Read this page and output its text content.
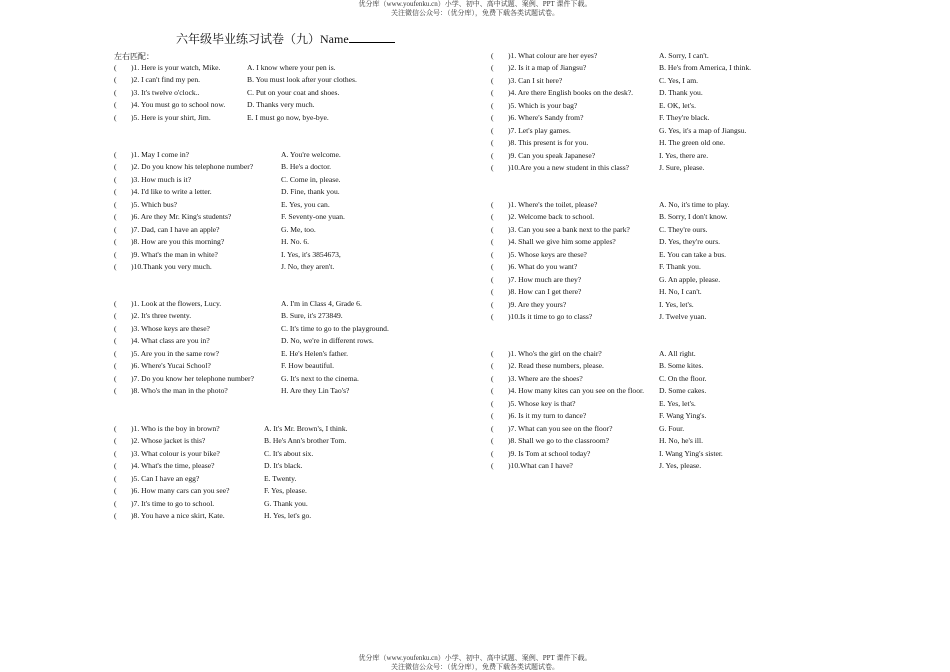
优分库（www.youfenku.cn）小学、初中、高中试题、案例、PPT 课件下载。
关注微信公众号：（优分库），免费下载各类试题试卷。
六年级毕业练习试卷（九）Name
左右匹配：
( )1. Here is your watch, Mike.	A. I know where your pen is.
( )2. I can't find my pen.	B. You must look after your clothes.
( )3. It's twelve o'clock..	C. Put on your coat and shoes.
( )4. You must go to school now.	D. Thanks very much.
( )5. Here is your shirt, Jim.	E. I must go now, bye-bye.
( )1. May I come in?	A. You're welcome.
( )2. Do you know his telephone number?	B. He's a doctor.
( )3. How much is it?	C. Come in, please.
( )4. I'd like to write a letter.	D. Fine, thank you.
( )5. Which bus?	E. Yes, you can.
( )6. Are they Mr. King's students?	F. Seventy-one yuan.
( )7. Dad, can I have an apple?	G. Me, too.
( )8. How are you this morning?	H. No. 6.
( )9. What's the man in white?	I. Yes, it's 3854673,
( )10.Thank you very much.	J. No, they aren't.
( )1. Look at the flowers, Lucy.	A. I'm in Class 4, Grade 6.
( )2. It's three twenty.	B. Sure, it's 273849.
( )3. Whose keys are these?	C. It's time to go to the playground.
( )4. What class are you in?	D. No, we're in different rows.
( )5. Are you in the same row?	E. He's Helen's father.
( )6. Where's Yucai School?	F. How beautiful.
( )7. Do you know her telephone number?	G. It's next to the cinema.
( )8. Who's the man in the photo?	H. Are they Lin Tao's?
( )1. Who is the boy in brown?	A. It's Mr. Brown's, I think.
( )2. Whose jacket is this?	B. He's Ann's brother Tom.
( )3. What colour is your bike?	C. It's about six.
( )4. What's the time, please?	D. It's black.
( )5. Can I have an egg?	E. Twenty.
( )6. How many cars can you see?	F. Yes, please.
( )7. It's time to go to school.	G. Thank you.
( )8. You have a nice skirt, Kate.	H. Yes, let's go.
( )1. What colour are her eyes?	A. Sorry, I can't.
( )2. Is it a map of Jiangsu?	B. He's from America, I think.
( )3. Can I sit here?	C. Yes, I am.
( )4. Are there English books on the desk?.	D. Thank you.
( )5. Which is your bag?	E. OK, let's.
( )6. Where's Sandy from?	F. They're black.
( )7. Let's play games.	G. Yes, it's a map of Jiangsu.
( )8. This present is for you.	H. The green old one.
( )9. Can you speak Japanese?	I. Yes, there are.
( )10.Are you a new student in this class?	J. Sure, please.
( )1. Where's the toilet, please?	A. No, it's time to play.
( )2. Welcome back to school.	B. Sorry, I don't know.
( )3. Can you see a bank next to the park?	C. They're ours.
( )4. Shall we give him some apples?	D. Yes, they're ours.
( )5. Whose keys are these?	E. You can take a bus.
( )6. What do you want?	F. Thank you.
( )7. How much are they?	G. An apple, please.
( )8. How can I get there?	H. No, I can't.
( )9. Are they yours?	I. Yes, let's.
( )10.Is it time to go to class?	J. Twelve yuan.
( )1. Who's the girl on the chair?	A. All right.
( )2. Read these numbers, please.	B. Some kites.
( )3. Where are the shoes?	C. On the floor.
( )4. How many kites can you see on the floor. D. Some cakes.
( )5. Whose key is that?	E. Yes, let's.
( )6. Is it my turn to dance?	F. Wang Ying's.
( )7. What can you see on the floor?	G. Four.
( )8. Shall we go to the classroom?	H. No, he's ill.
( )9. Is Tom at school today?	I. Wang Ying's sister.
( )10.What can I have?	J. Yes, please.
优分库（www.youfenku.cn）小学、初中、高中试题、案例、PPT 课件下载。
关注微信公众号：（优分库），免费下载各类试题试卷。
